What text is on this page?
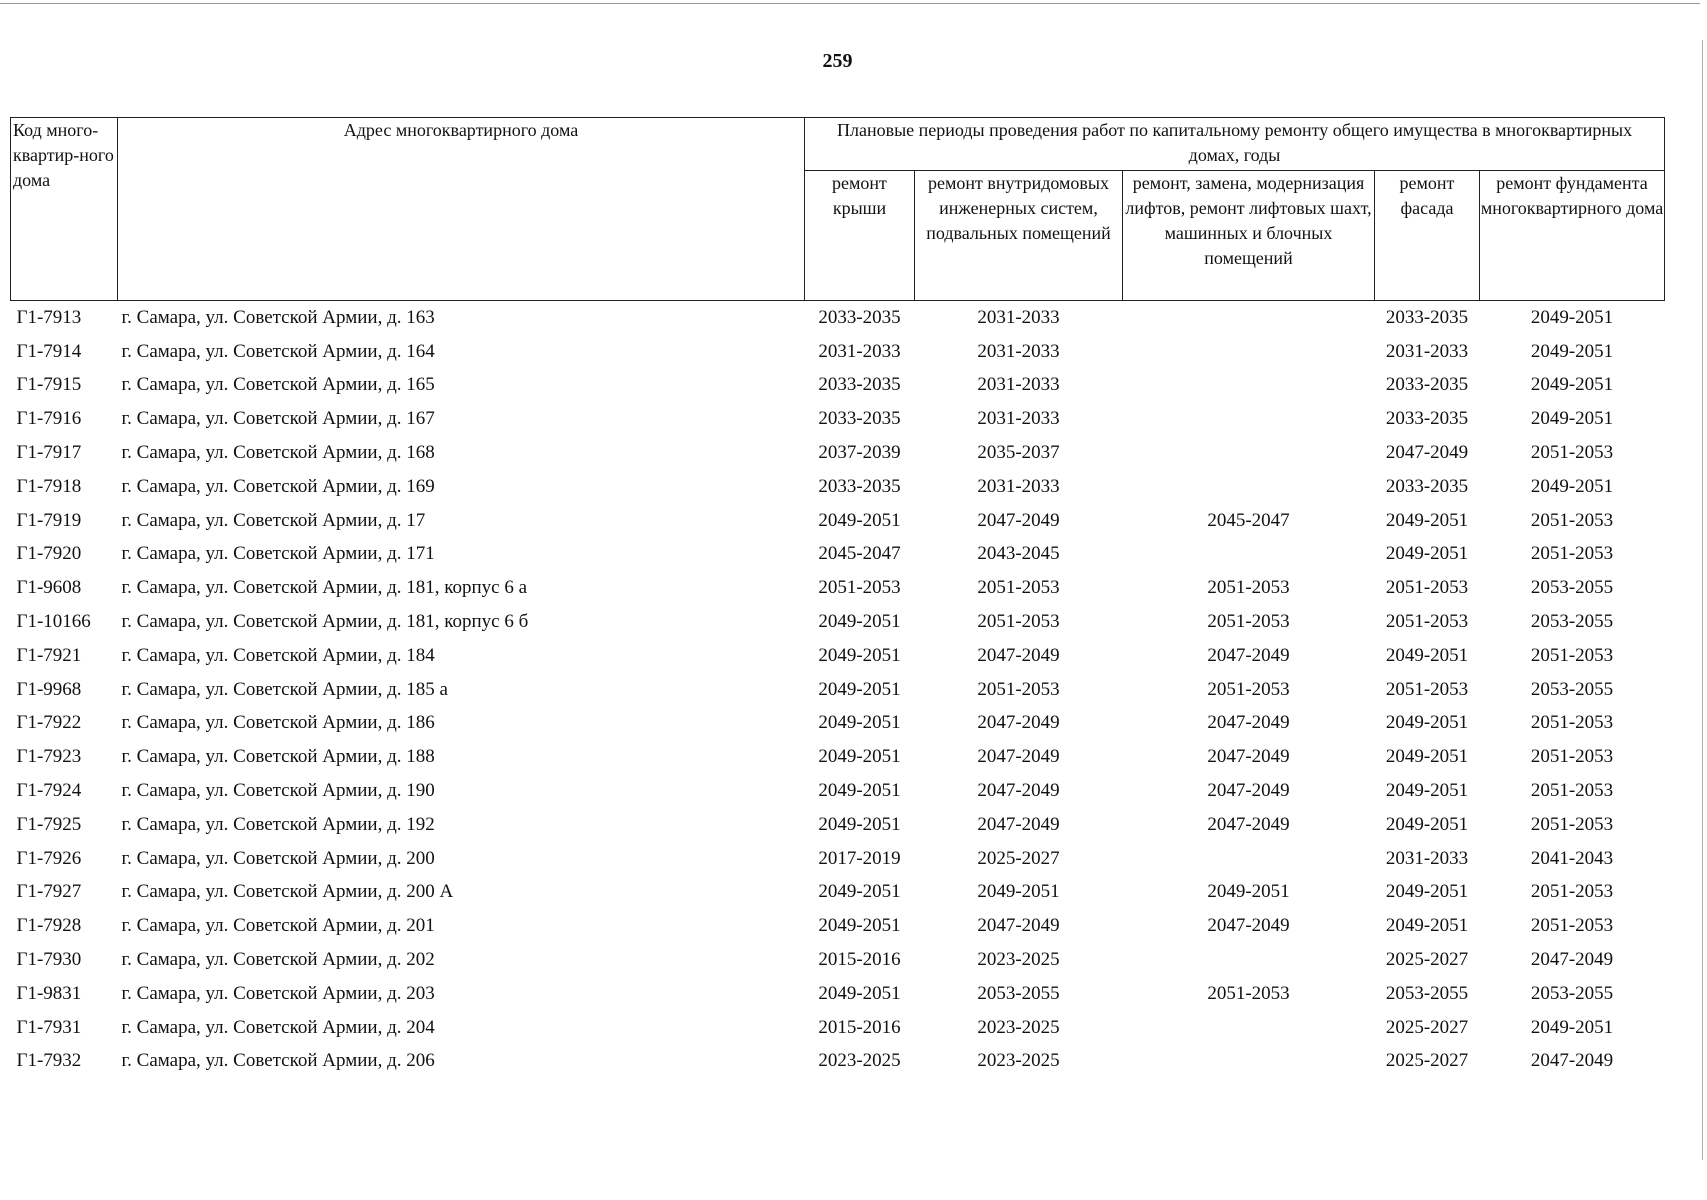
259
Код много-квартир-ного дома	Адрес многоквартирного дома	Плановые периоды проведения работ по капитальному ремонту общего имущества в многоквартирных домах, годы				
		ремонт крыши	ремонт внутридомовых инженерных систем, подвальных помещений	ремонт, замена, модернизация лифтов, ремонт лифтовых шахт, машинных и блочных помещений	ремонт фасада	ремонт фундамента многоквартирного дома
Г1-7913	г. Самара, ул. Советской Армии, д. 163	2033-2035	2031-2033		2033-2035	2049-2051
Г1-7914	г. Самара, ул. Советской Армии, д. 164	2031-2033	2031-2033		2031-2033	2049-2051
Г1-7915	г. Самара, ул. Советской Армии, д. 165	2033-2035	2031-2033		2033-2035	2049-2051
Г1-7916	г. Самара, ул. Советской Армии, д. 167	2033-2035	2031-2033		2033-2035	2049-2051
Г1-7917	г. Самара, ул. Советской Армии, д. 168	2037-2039	2035-2037		2047-2049	2051-2053
Г1-7918	г. Самара, ул. Советской Армии, д. 169	2033-2035	2031-2033		2033-2035	2049-2051
Г1-7919	г. Самара, ул. Советской Армии, д. 17	2049-2051	2047-2049	2045-2047	2049-2051	2051-2053
Г1-7920	г. Самара, ул. Советской Армии, д. 171	2045-2047	2043-2045		2049-2051	2051-2053
Г1-9608	г. Самара, ул. Советской Армии, д. 181, корпус 6 а	2051-2053	2051-2053	2051-2053	2051-2053	2053-2055
Г1-10166	г. Самара, ул. Советской Армии, д. 181, корпус 6 б	2049-2051	2051-2053	2051-2053	2051-2053	2053-2055
Г1-7921	г. Самара, ул. Советской Армии, д. 184	2049-2051	2047-2049	2047-2049	2049-2051	2051-2053
Г1-9968	г. Самара, ул. Советской Армии, д. 185 а	2049-2051	2051-2053	2051-2053	2051-2053	2053-2055
Г1-7922	г. Самара, ул. Советской Армии, д. 186	2049-2051	2047-2049	2047-2049	2049-2051	2051-2053
Г1-7923	г. Самара, ул. Советской Армии, д. 188	2049-2051	2047-2049	2047-2049	2049-2051	2051-2053
Г1-7924	г. Самара, ул. Советской Армии, д. 190	2049-2051	2047-2049	2047-2049	2049-2051	2051-2053
Г1-7925	г. Самара, ул. Советской Армии, д. 192	2049-2051	2047-2049	2047-2049	2049-2051	2051-2053
Г1-7926	г. Самара, ул. Советской Армии, д. 200	2017-2019	2025-2027		2031-2033	2041-2043
Г1-7927	г. Самара, ул. Советской Армии, д. 200 А	2049-2051	2049-2051	2049-2051	2049-2051	2051-2053
Г1-7928	г. Самара, ул. Советской Армии, д. 201	2049-2051	2047-2049	2047-2049	2049-2051	2051-2053
Г1-7930	г. Самара, ул. Советской Армии, д. 202	2015-2016	2023-2025		2025-2027	2047-2049
Г1-9831	г. Самара, ул. Советской Армии, д. 203	2049-2051	2053-2055	2051-2053	2053-2055	2053-2055
Г1-7931	г. Самара, ул. Советской Армии, д. 204	2015-2016	2023-2025		2025-2027	2049-2051
Г1-7932	г. Самара, ул. Советской Армии, д. 206	2023-2025	2023-2025		2025-2027	2047-2049
